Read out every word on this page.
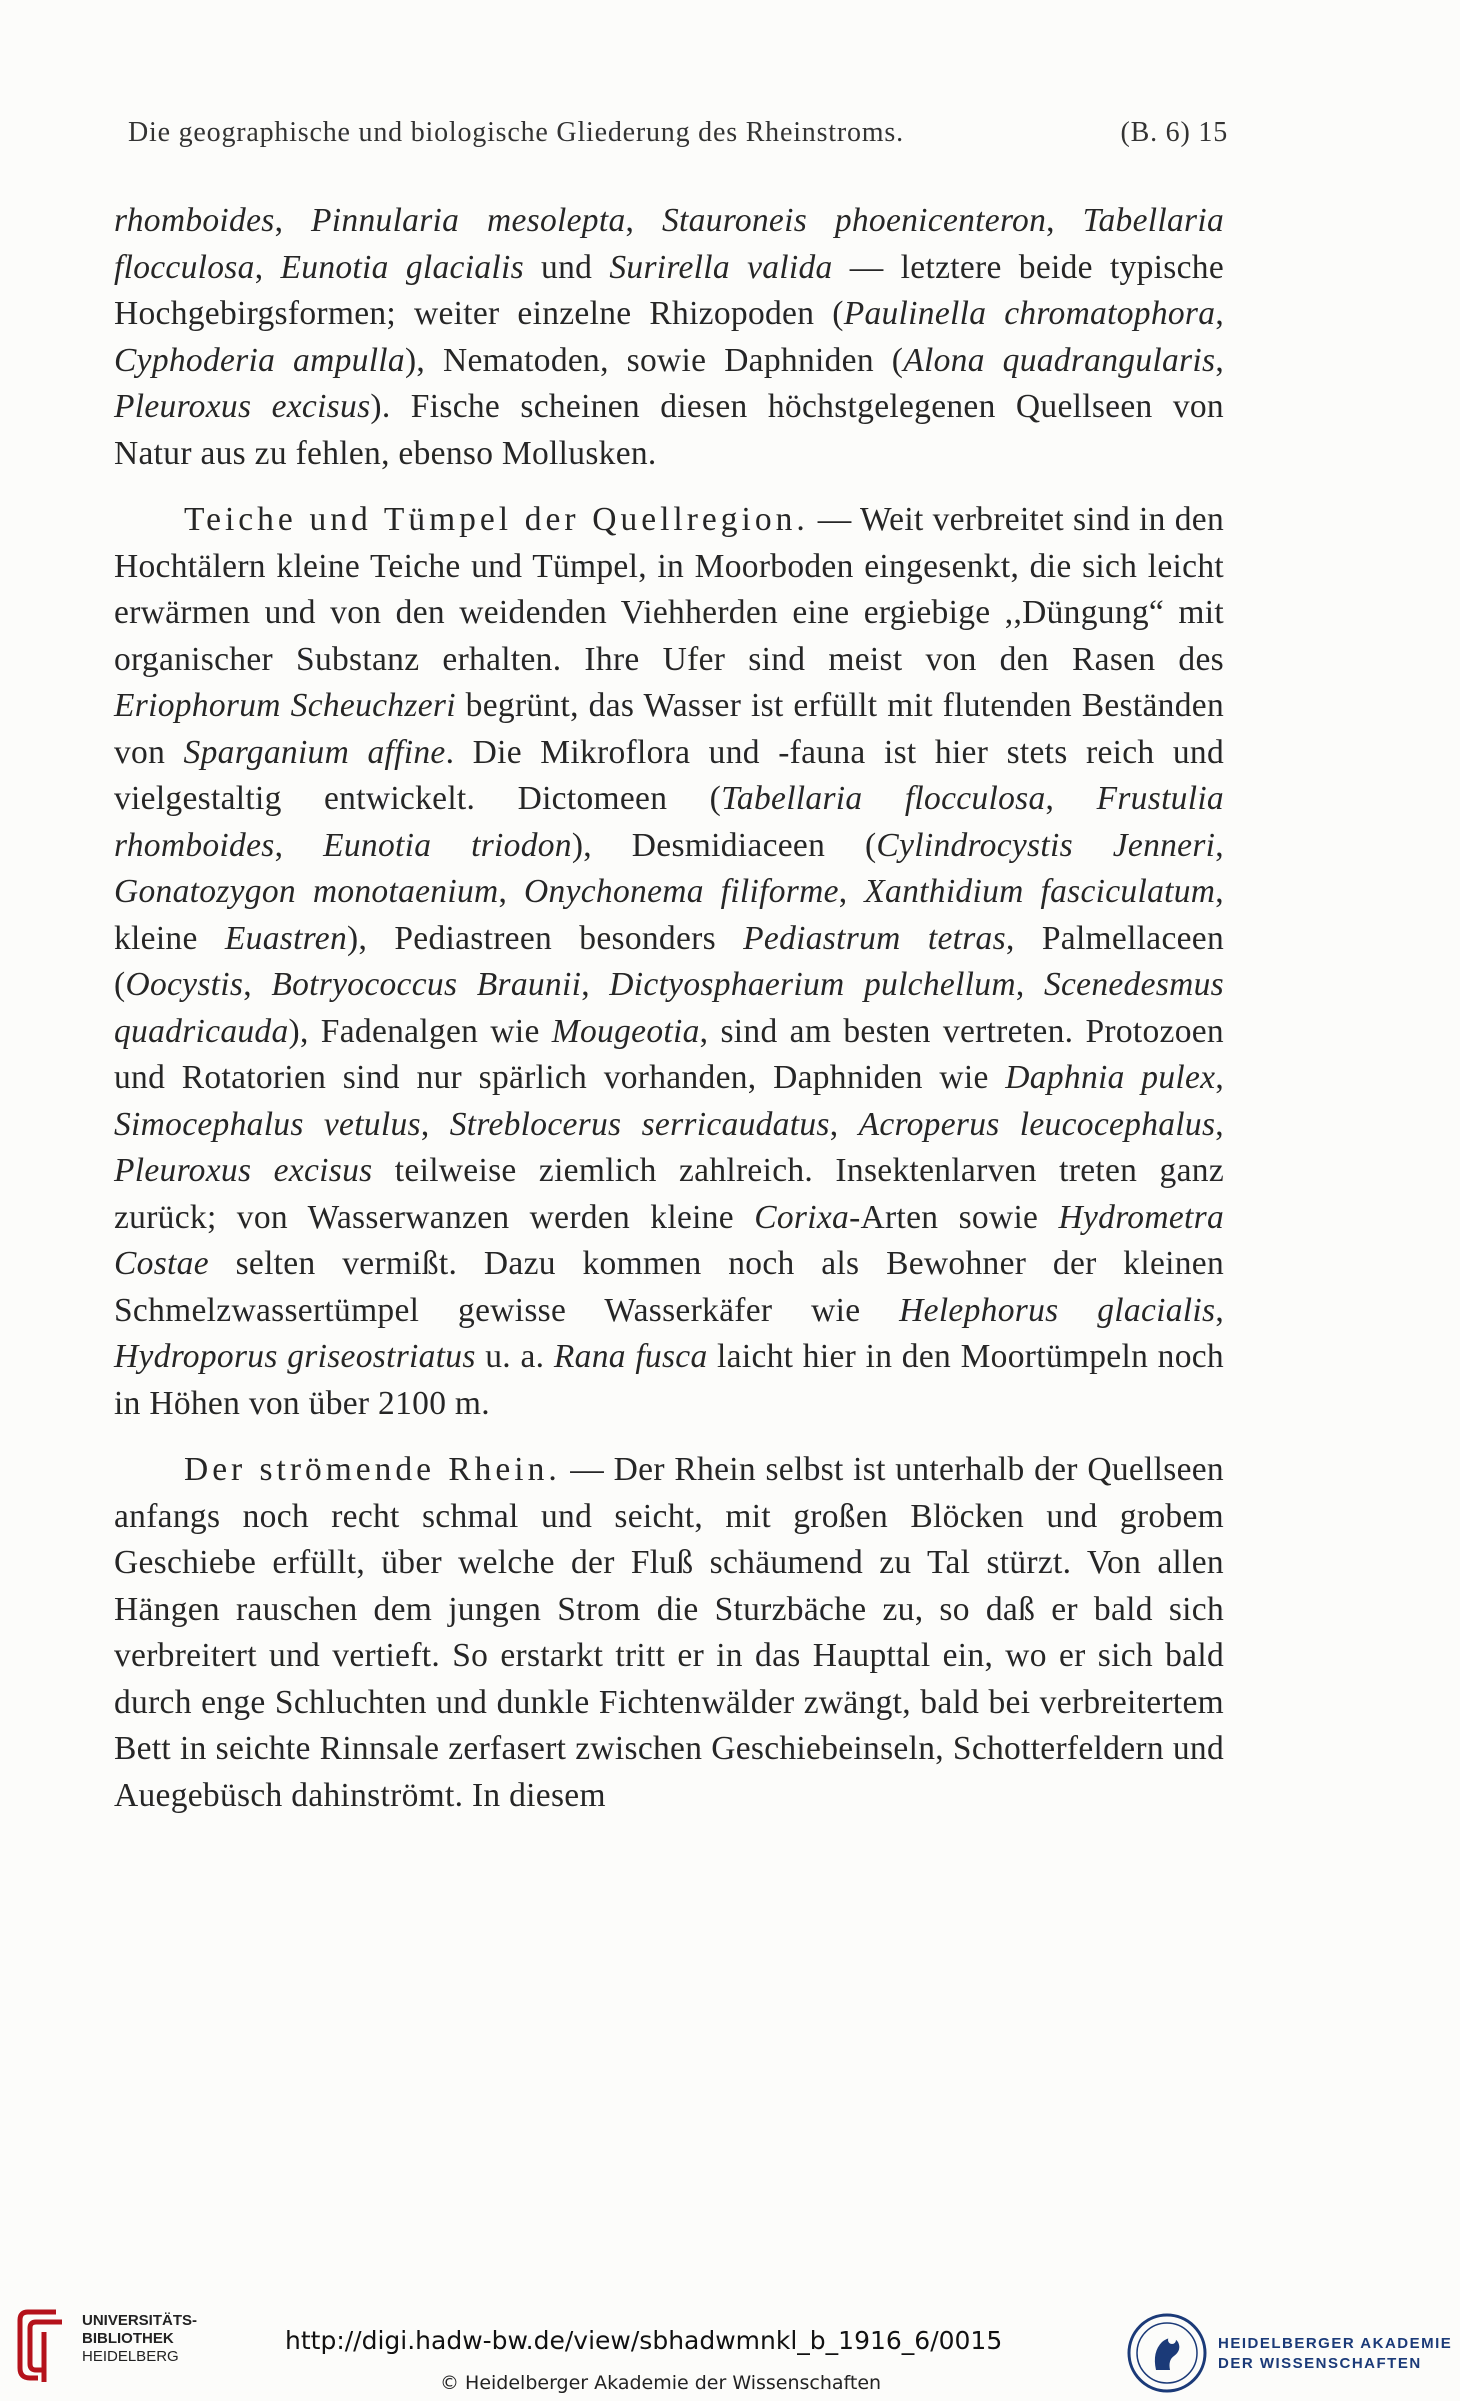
Die geographische und biologische Gliederung des Rheinstroms.	(B. 6) 15

rhomboides, Pinnularia mesolepta, Stauroneis phoenicenteron, Tabellaria flocculosa, Eunotia glacialis und Surirella valida — letztere beide typische Hochgebirgsformen; weiter einzelne Rhizopoden (Paulinella chromatophora, Cyphoderia ampulla), Nematoden, sowie Daphniden (Alona quadrangularis, Pleuroxus excisus). Fische scheinen diesen höchstgelegenen Quellseen von Natur aus zu fehlen, ebenso Mollusken.

Teiche und Tümpel der Quellregion. — Weit verbreitet sind in den Hochtälern kleine Teiche und Tümpel, in Moorboden eingesenkt, die sich leicht erwärmen und von den weidenden Viehherden eine ergiebige ,,Düngung“ mit organischer Substanz erhalten. Ihre Ufer sind meist von den Rasen des Eriophorum Scheuchzeri begrünt, das Wasser ist erfüllt mit flutenden Beständen von Sparganium affine. Die Mikroflora und -fauna ist hier stets reich und vielgestaltig entwickelt. Dictomeen (Tabellaria flocculosa, Frustulia rhomboides, Eunotia triodon), Desmidiaceen (Cylindrocystis Jenneri, Gonatozygon monotaenium, Onychonema filiforme, Xanthidium fasciculatum, kleine Euastren), Pediastreen besonders Pediastrum tetras, Palmellaceen (Oocystis, Botryococcus Braunii, Dictyosphaerium pulchellum, Scenedesmus quadricauda), Fadenalgen wie Mougeotia, sind am besten vertreten. Protozoen und Rotatorien sind nur spärlich vorhanden, Daphniden wie Daphnia pulex, Simocephalus vetulus, Streblocerus serricaudatus, Acroperus leucocephalus, Pleuroxus excisus teilweise ziemlich zahlreich. Insektenlarven treten ganz zurück; von Wasserwanzen werden kleine Corixa-Arten sowie Hydrometra Costae selten vermißt. Dazu kommen noch als Bewohner der kleinen Schmelzwassertümpel gewisse Wasserkäfer wie Helephorus glacialis, Hydroporus griseostriatus u. a. Rana fusca laicht hier in den Moortümpeln noch in Höhen von über 2100 m.

Der strömende Rhein. — Der Rhein selbst ist unterhalb der Quellseen anfangs noch recht schmal und seicht, mit großen Blöcken und grobem Geschiebe erfüllt, über welche der Fluß schäumend zu Tal stürzt. Von allen Hängen rauschen dem jungen Strom die Sturzbäche zu, so daß er bald sich verbreitert und vertieft. So erstarkt tritt er in das Haupttal ein, wo er sich bald durch enge Schluchten und dunkle Fichtenwälder zwängt, bald bei verbreitertem Bett in seichte Rinnsale zerfasert zwischen Geschiebeinseln, Schotterfeldern und Auegebüsch dahinströmt. In diesem

UNIVERSITÄTS-
BIBLIOTHEK
HEIDELBERG
http://digi.hadw-bw.de/view/sbhadwmnkl_b_1916_6/0015
© Heidelberger Akademie der Wissenschaften
HEIDELBERGER AKADEMIE
DER WISSENSCHAFTEN
